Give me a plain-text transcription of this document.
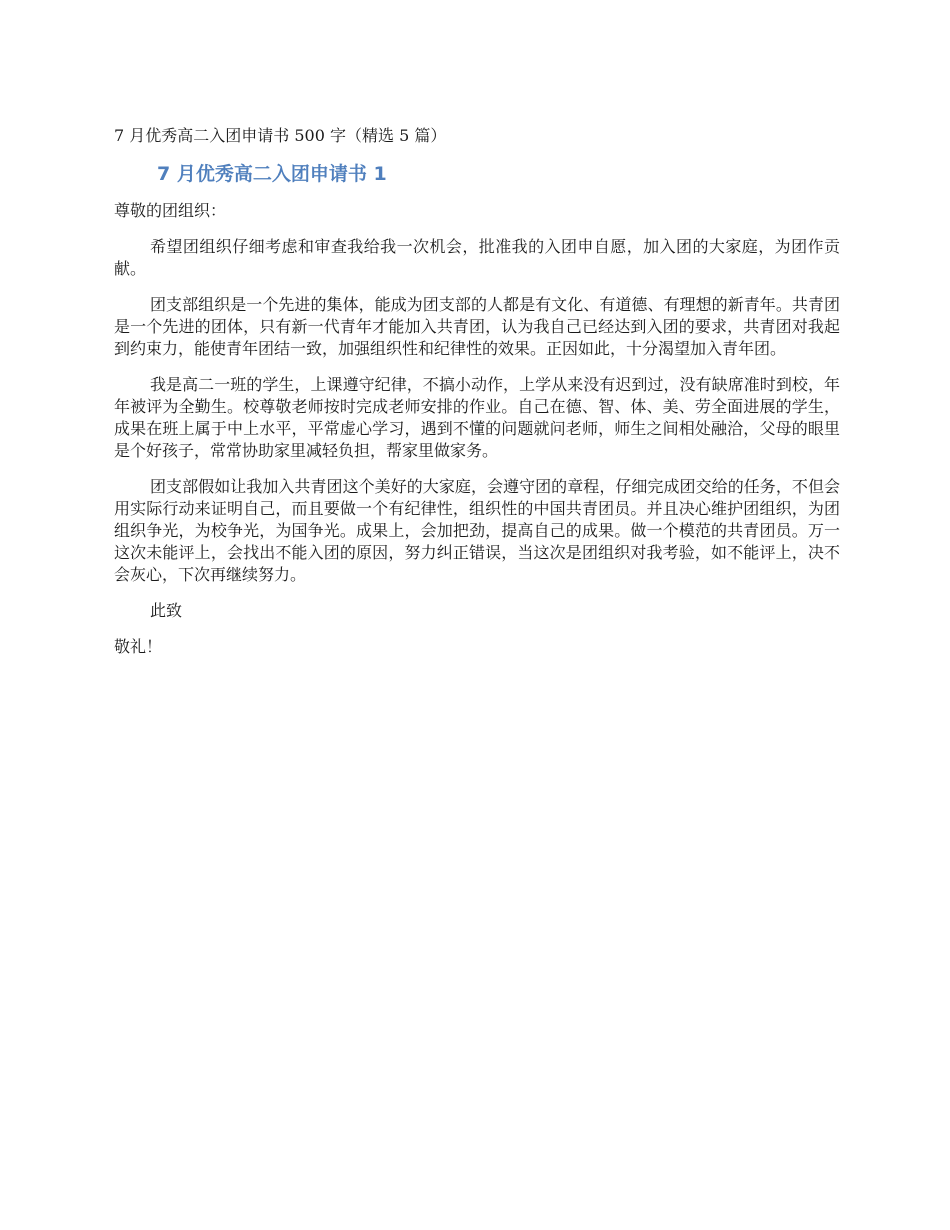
7 月优秀高二入团申请书 500 字（精选 5 篇）

7 月优秀高二入团申请书 1

尊敬的团组织：

希望团组织仔细考虑和审查我给我一次机会，批准我的入团申自愿，加入团的大家庭，为团作贡献。

团支部组织是一个先进的集体，能成为团支部的人都是有文化、有道德、有理想的新青年。共青团是一个先进的团体，只有新一代青年才能加入共青团，认为我自己已经达到入团的要求，共青团对我起到约束力，能使青年团结一致，加强组织性和纪律性的效果。正因如此，十分渴望加入青年团。

我是高二一班的学生，上课遵守纪律，不搞小动作，上学从来没有迟到过，没有缺席准时到校，年年被评为全勤生。校尊敬老师按时完成老师安排的作业。自己在德、智、体、美、劳全面进展的学生，成果在班上属于中上水平，平常虚心学习，遇到不懂的问题就问老师，师生之间相处融洽，父母的眼里是个好孩子，常常协助家里减轻负担，帮家里做家务。

团支部假如让我加入共青团这个美好的大家庭，会遵守团的章程，仔细完成团交给的任务，不但会用实际行动来证明自己，而且要做一个有纪律性，组织性的中国共青团员。并且决心维护团组织，为团组织争光，为校争光，为国争光。成果上，会加把劲，提高自己的成果。做一个模范的共青团员。万一这次未能评上，会找出不能入团的原因，努力纠正错误，当这次是团组织对我考验，如不能评上，决不会灰心，下次再继续努力。

此致

敬礼！
